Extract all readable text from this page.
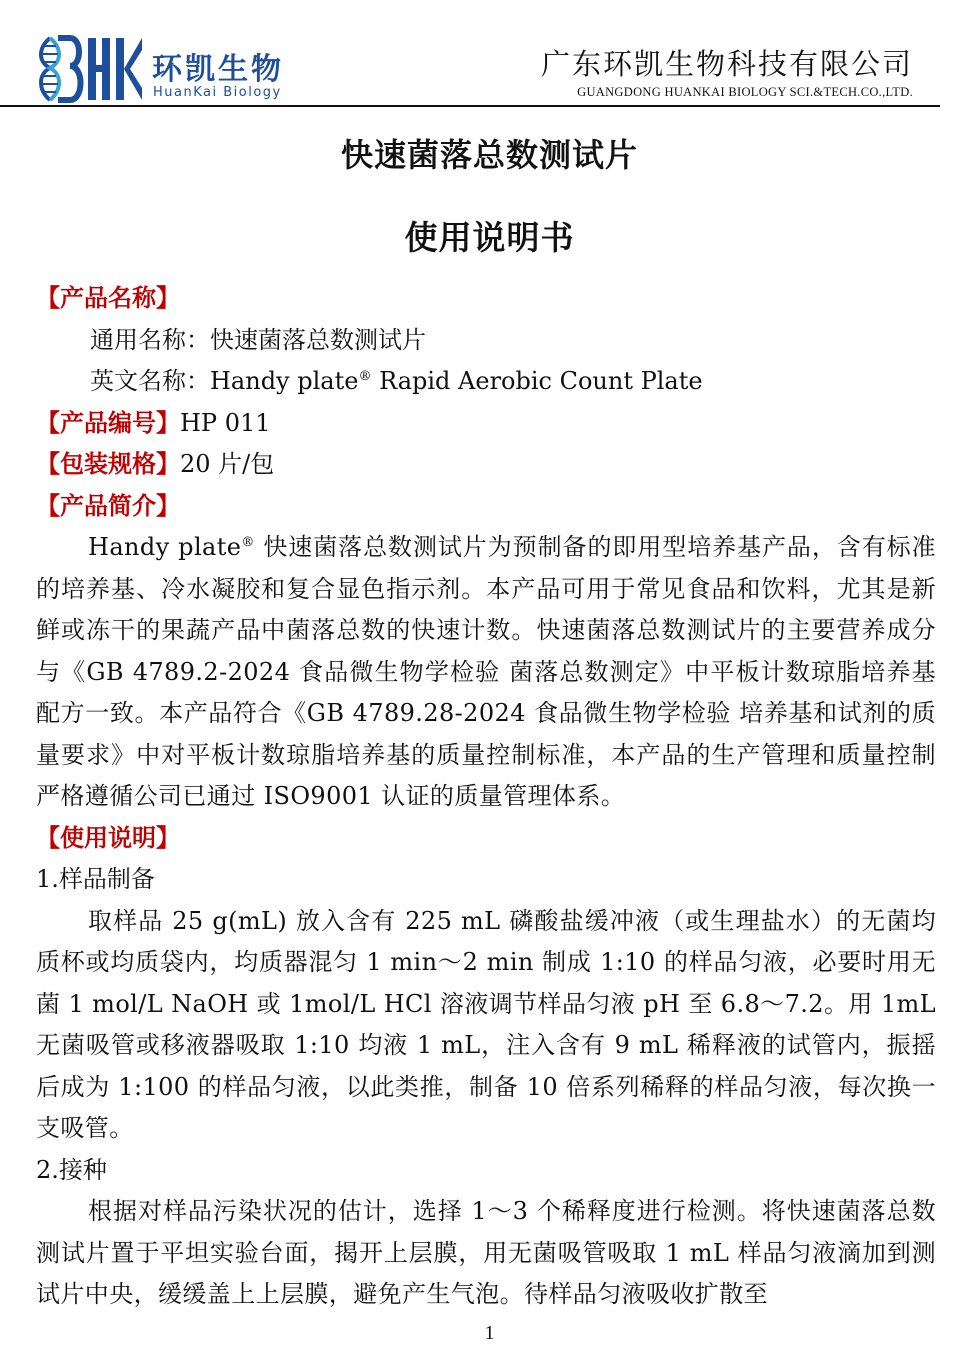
环凯生物
HuanKai Biology
广东环凯生物科技有限公司
GUANGDONG HUANKAI BIOLOGY SCI.&TECH.CO.,LTD.
快速菌落总数测试片
使用说明书
【产品名称】
通用名称：快速菌落总数测试片
英文名称：Handy plate® Rapid Aerobic Count Plate
【产品编号】HP 011
【包装规格】20 片/包
【产品简介】

Handy plate® 快速菌落总数测试片为预制备的即用型培养基产品，含有标准的培养基、冷水凝胶和复合显色指示剂。本产品可用于常见食品和饮料，尤其是新鲜或冻干的果蔬产品中菌落总数的快速计数。快速菌落总数测试片的主要营养成分与《GB 4789.2-2024 食品微生物学检验 菌落总数测定》中平板计数琼脂培养基配方一致。本产品符合《GB 4789.28-2024 食品微生物学检验 培养基和试剂的质量要求》中对平板计数琼脂培养基的质量控制标准，本产品的生产管理和质量控制严格遵循公司已通过 ISO9001 认证的质量管理体系。

【使用说明】
1.样品制备

取样品 25 g(mL) 放入含有 225 mL 磷酸盐缓冲液（或生理盐水）的无菌均质杯或均质袋内，均质器混匀 1 min～2 min 制成 1:10 的样品匀液，必要时用无菌 1 mol/L NaOH 或 1mol/L HCl 溶液调节样品匀液 pH 至 6.8～7.2。用 1mL 无菌吸管或移液器吸取 1:10 均液 1 mL，注入含有 9 mL 稀释液的试管内，振摇后成为 1:100 的样品匀液，以此类推，制备 10 倍系列稀释的样品匀液，每次换一支吸管。

2.接种

根据对样品污染状况的估计，选择 1～3 个稀释度进行检测。将快速菌落总数测试片置于平坦实验台面，揭开上层膜，用无菌吸管吸取 1 mL 样品匀液滴加到测试片中央，缓缓盖上上层膜，避免产生气泡。待样品匀液吸收扩散至

1
